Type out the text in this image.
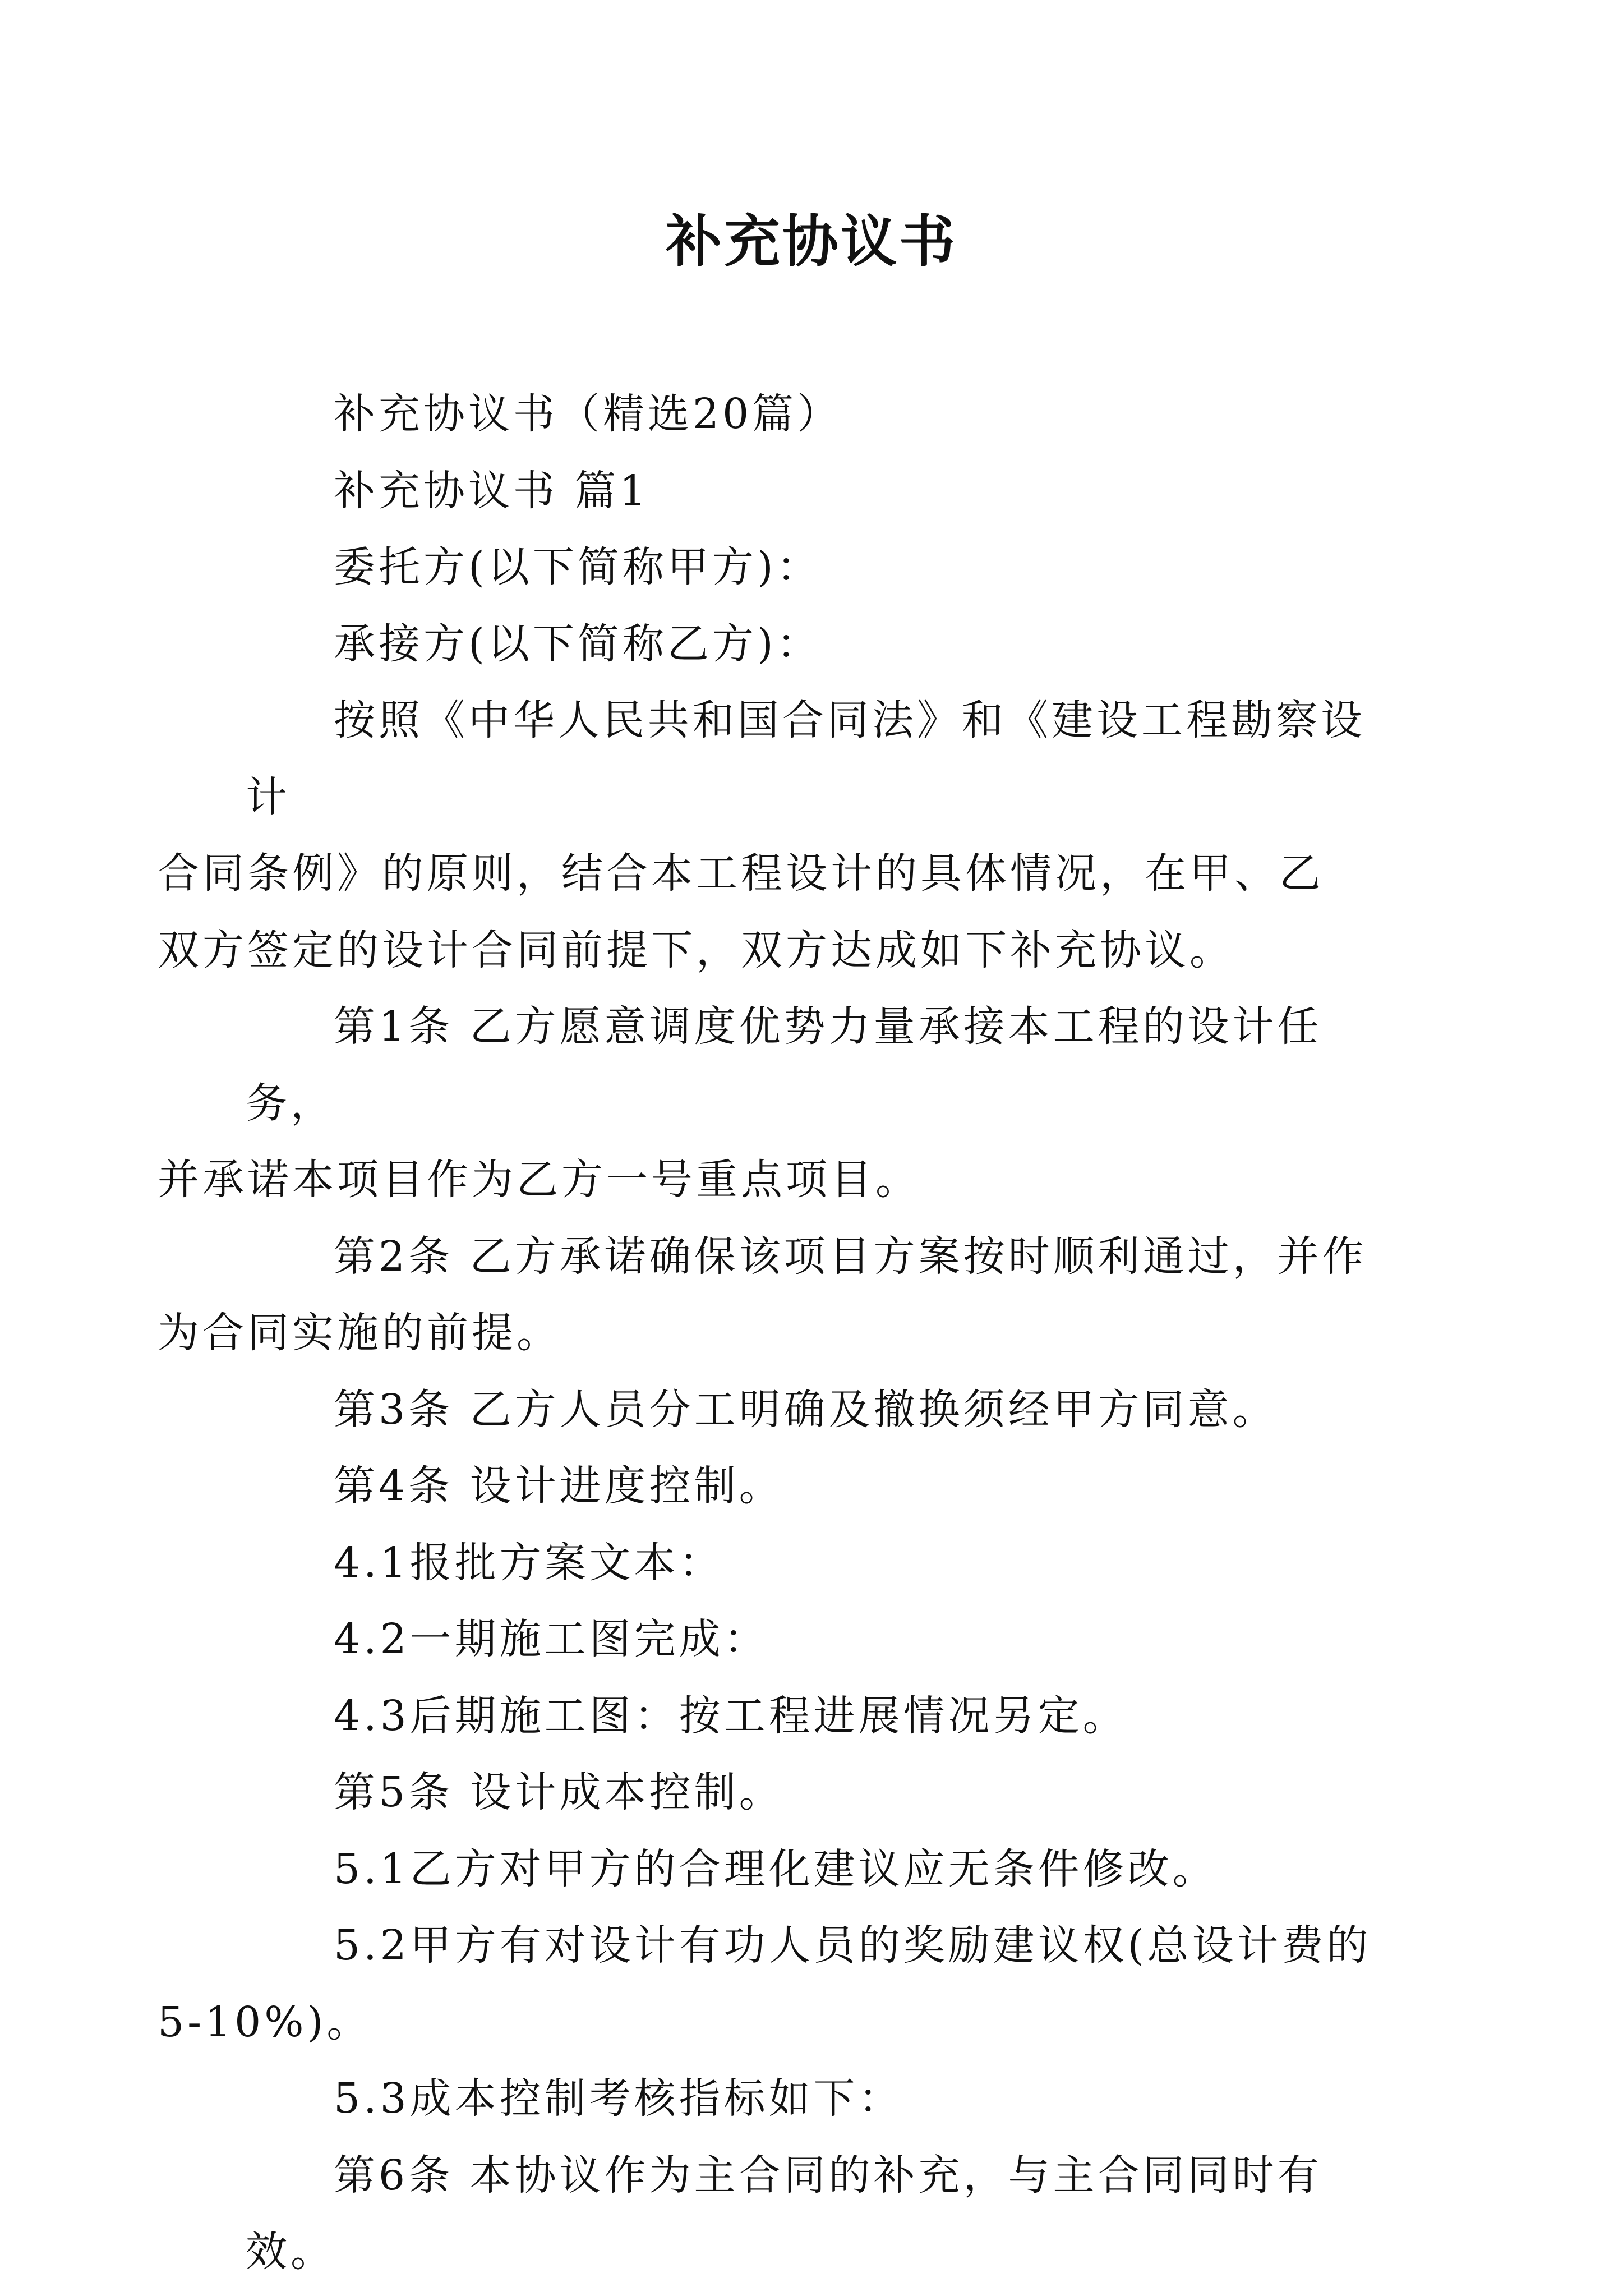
补充协议书

补充协议书（精选20篇）

补充协议书 篇1

委托方(以下简称甲方)：

承接方(以下简称乙方)：

按照《中华人民共和国合同法》和《建设工程勘察设计
合同条例》的原则，结合本工程设计的具体情况，在甲、乙
双方签定的设计合同前提下，双方达成如下补充协议。

第1条 乙方愿意调度优势力量承接本工程的设计任务，
并承诺本项目作为乙方一号重点项目。

第2条 乙方承诺确保该项目方案按时顺利通过，并作
为合同实施的前提。

第3条 乙方人员分工明确及撤换须经甲方同意。

第4条 设计进度控制。

4.1报批方案文本：

4.2一期施工图完成：

4.3后期施工图：按工程进展情况另定。

第5条 设计成本控制。

5.1乙方对甲方的合理化建议应无条件修改。

5.2甲方有对设计有功人员的奖励建议权(总设计费的
5-10%)。

5.3成本控制考核指标如下：

第6条 本协议作为主合同的补充，与主合同同时有效。
